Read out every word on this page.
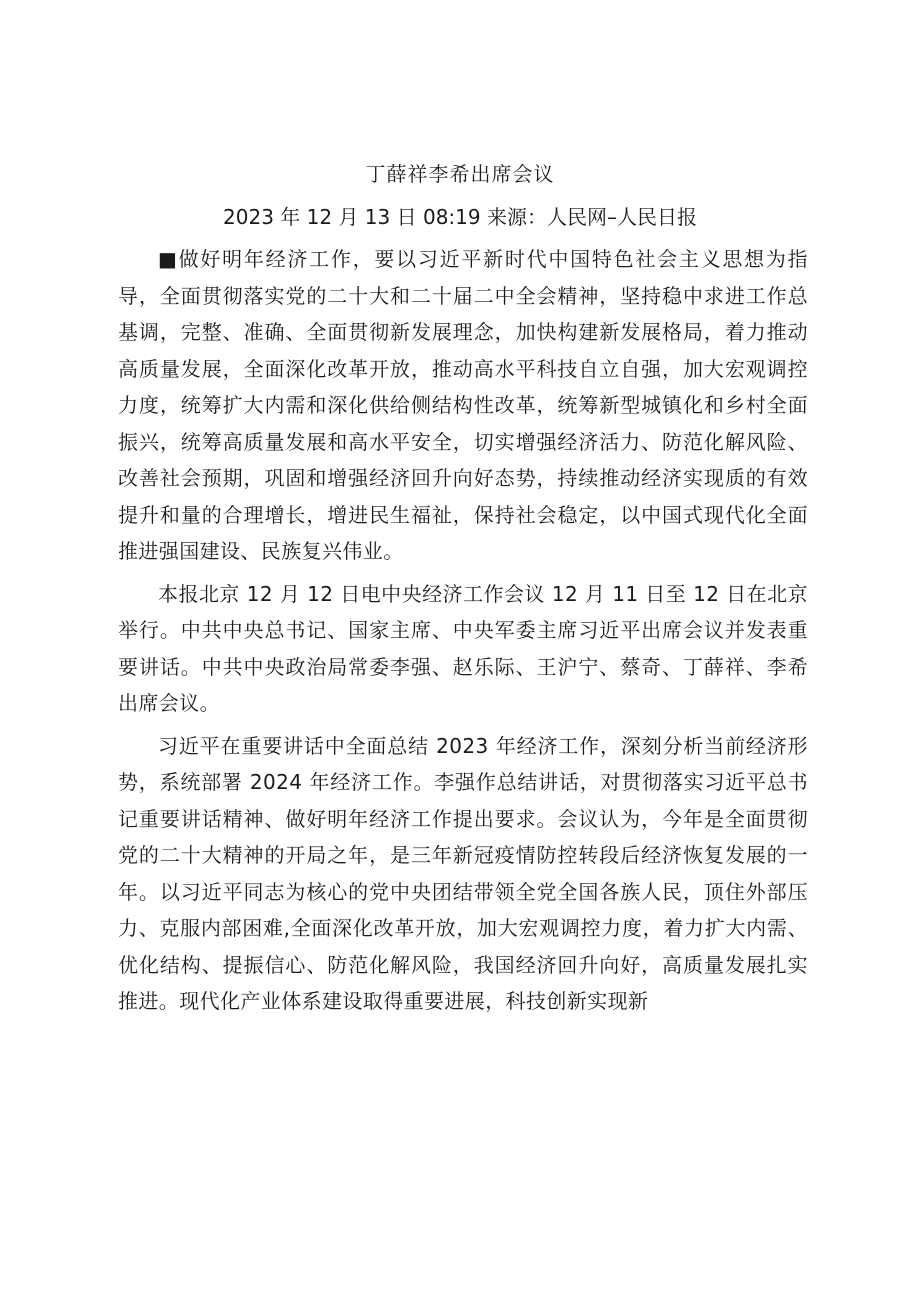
丁薛祥李希出席会议
2023 年 12 月 13 日 08:19 来源：人民网–人民日报

■做好明年经济工作，要以习近平新时代中国特色社会主义思想为指导，全面贯彻落实党的二十大和二十届二中全会精神，坚持稳中求进工作总基调，完整、准确、全面贯彻新发展理念，加快构建新发展格局，着力推动高质量发展，全面深化改革开放，推动高水平科技自立自强，加大宏观调控力度，统筹扩大内需和深化供给侧结构性改革，统筹新型城镇化和乡村全面振兴，统筹高质量发展和高水平安全，切实增强经济活力、防范化解风险、改善社会预期，巩固和增强经济回升向好态势，持续推动经济实现质的有效提升和量的合理增长，增进民生福祉，保持社会稳定，以中国式现代化全面推进强国建设、民族复兴伟业。

本报北京 12 月 12 日电中央经济工作会议 12 月 11 日至 12 日在北京举行。中共中央总书记、国家主席、中央军委主席习近平出席会议并发表重要讲话。中共中央政治局常委李强、赵乐际、王沪宁、蔡奇、丁薛祥、李希出席会议。

习近平在重要讲话中全面总结 2023 年经济工作，深刻分析当前经济形势，系统部署 2024 年经济工作。李强作总结讲话，对贯彻落实习近平总书记重要讲话精神、做好明年经济工作提出要求。会议认为，今年是全面贯彻党的二十大精神的开局之年，是三年新冠疫情防控转段后经济恢复发展的一年。以习近平同志为核心的党中央团结带领全党全国各族人民，顶住外部压力、克服内部困难,全面深化改革开放，加大宏观调控力度，着力扩大内需、优化结构、提振信心、防范化解风险，我国经济回升向好，高质量发展扎实推进。现代化产业体系建设取得重要进展，科技创新实现新
